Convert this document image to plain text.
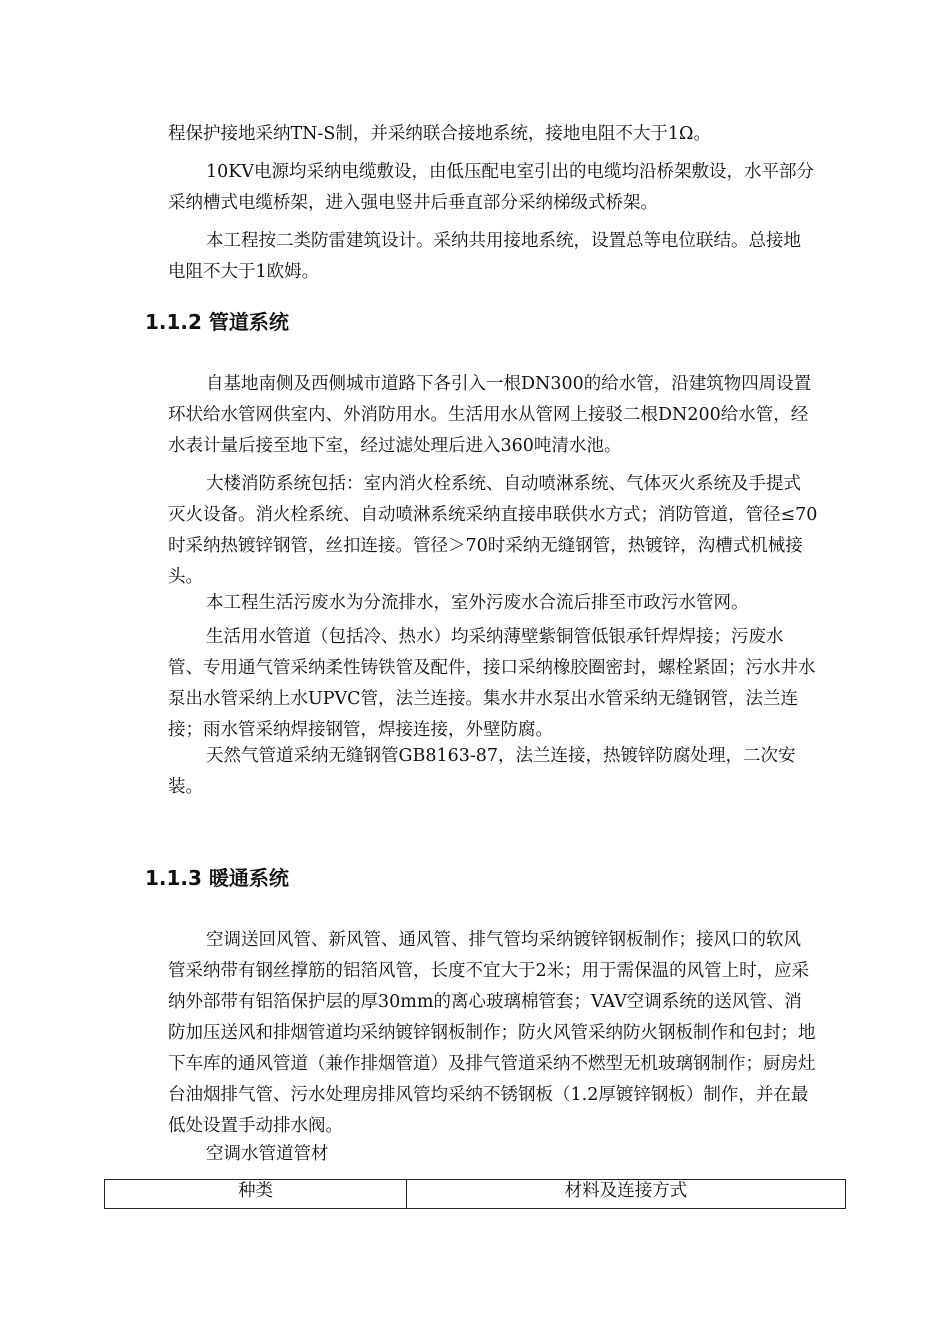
程保护接地采纳TN-S制，并采纳联合接地系统，接地电阻不大于1Ω。

10KV电源均采纳电缆敷设，由低压配电室引出的电缆均沿桥架敷设，水平部分采纳槽式电缆桥架，进入强电竖井后垂直部分采纳梯级式桥架。

本工程按二类防雷建筑设计。采纳共用接地系统，设置总等电位联结。总接地电阻不大于1欧姆。

1.1.2 管道系统

自基地南侧及西侧城市道路下各引入一根DN300的给水管，沿建筑物四周设置环状给水管网供室内、外消防用水。生活用水从管网上接驳二根DN200给水管，经水表计量后接至地下室，经过滤处理后进入360吨清水池。

大楼消防系统包括：室内消火栓系统、自动喷淋系统、气体灭火系统及手提式灭火设备。消火栓系统、自动喷淋系统采纳直接串联供水方式；消防管道，管径≤70时采纳热镀锌钢管，丝扣连接。管径＞70时采纳无缝钢管，热镀锌，沟槽式机械接头。

本工程生活污废水为分流排水，室外污废水合流后排至市政污水管网。

生活用水管道（包括冷、热水）均采纳薄壁紫铜管低银承钎焊焊接；污废水管、专用通气管采纳柔性铸铁管及配件，接口采纳橡胶圈密封，螺栓紧固；污水井水泵出水管采纳上水UPVC管，法兰连接。集水井水泵出水管采纳无缝钢管，法兰连接；雨水管采纳焊接钢管，焊接连接，外壁防腐。

天然气管道采纳无缝钢管GB8163-87，法兰连接，热镀锌防腐处理，二次安装。

1.1.3 暖通系统

空调送回风管、新风管、通风管、排气管均采纳镀锌钢板制作；接风口的软风管采纳带有钢丝撑筋的铝箔风管，长度不宜大于2米；用于需保温的风管上时，应采纳外部带有铝箔保护层的厚30mm的离心玻璃棉管套；VAV空调系统的送风管、消防加压送风和排烟管道均采纳镀锌钢板制作；防火风管采纳防火钢板制作和包封；地下车库的通风管道（兼作排烟管道）及排气管道采纳不燃型无机玻璃钢制作；厨房灶台油烟排气管、污水处理房排风管均采纳不锈钢板（1.2厚镀锌钢板）制作，并在最低处设置手动排水阀。

空调水管道管材

种类	材料及连接方式
